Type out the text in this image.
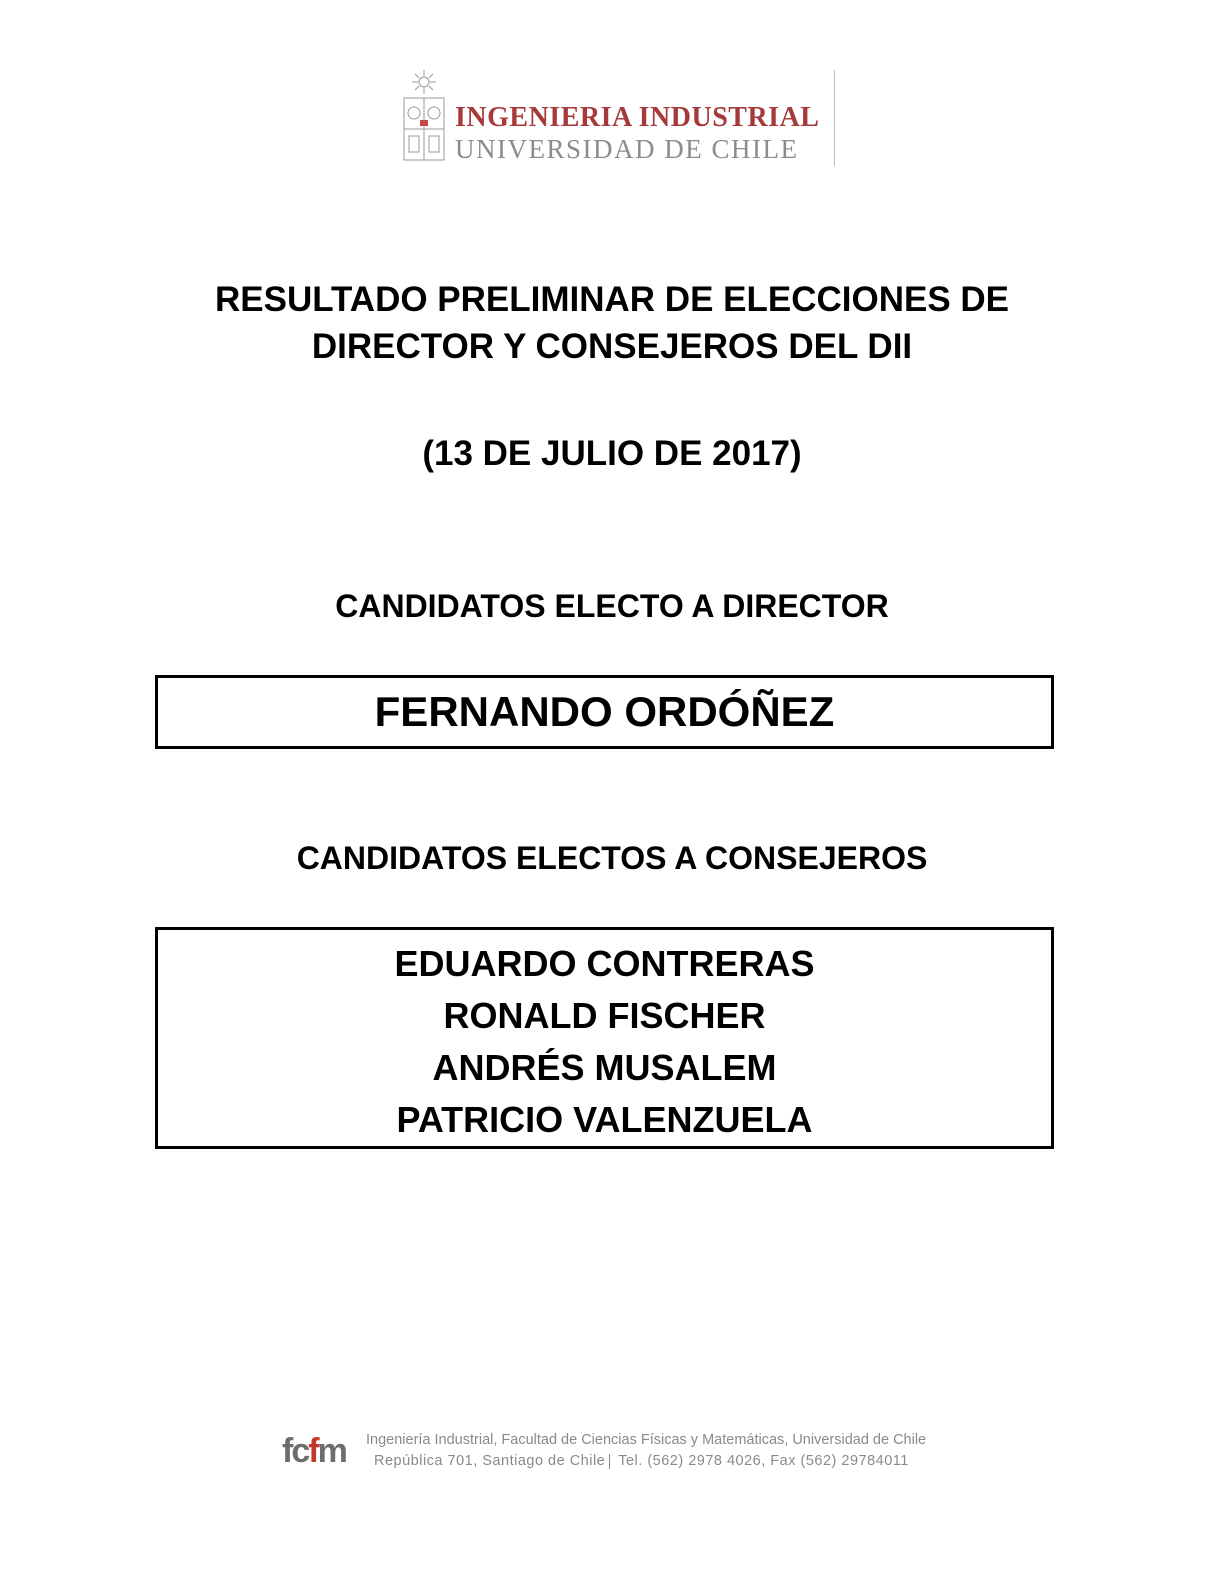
INGENIERIA INDUSTRIAL
UNIVERSIDAD DE CHILE
RESULTADO PRELIMINAR DE ELECCIONES DE
DIRECTOR Y CONSEJEROS DEL DII
(13 DE JULIO DE 2017)
CANDIDATOS ELECTO A DIRECTOR
FERNANDO ORDÓÑEZ
CANDIDATOS ELECTOS A CONSEJEROS
EDUARDO CONTRERAS
RONALD FISCHER
ANDRÉS MUSALEM
PATRICIO VALENZUELA
fcfm Ingeniería Industrial, Facultad de Ciencias Físicas y Matemáticas, Universidad de Chile
República 701, Santiago de Chile Tel. (562) 2978 4026, Fax (562) 29784011
